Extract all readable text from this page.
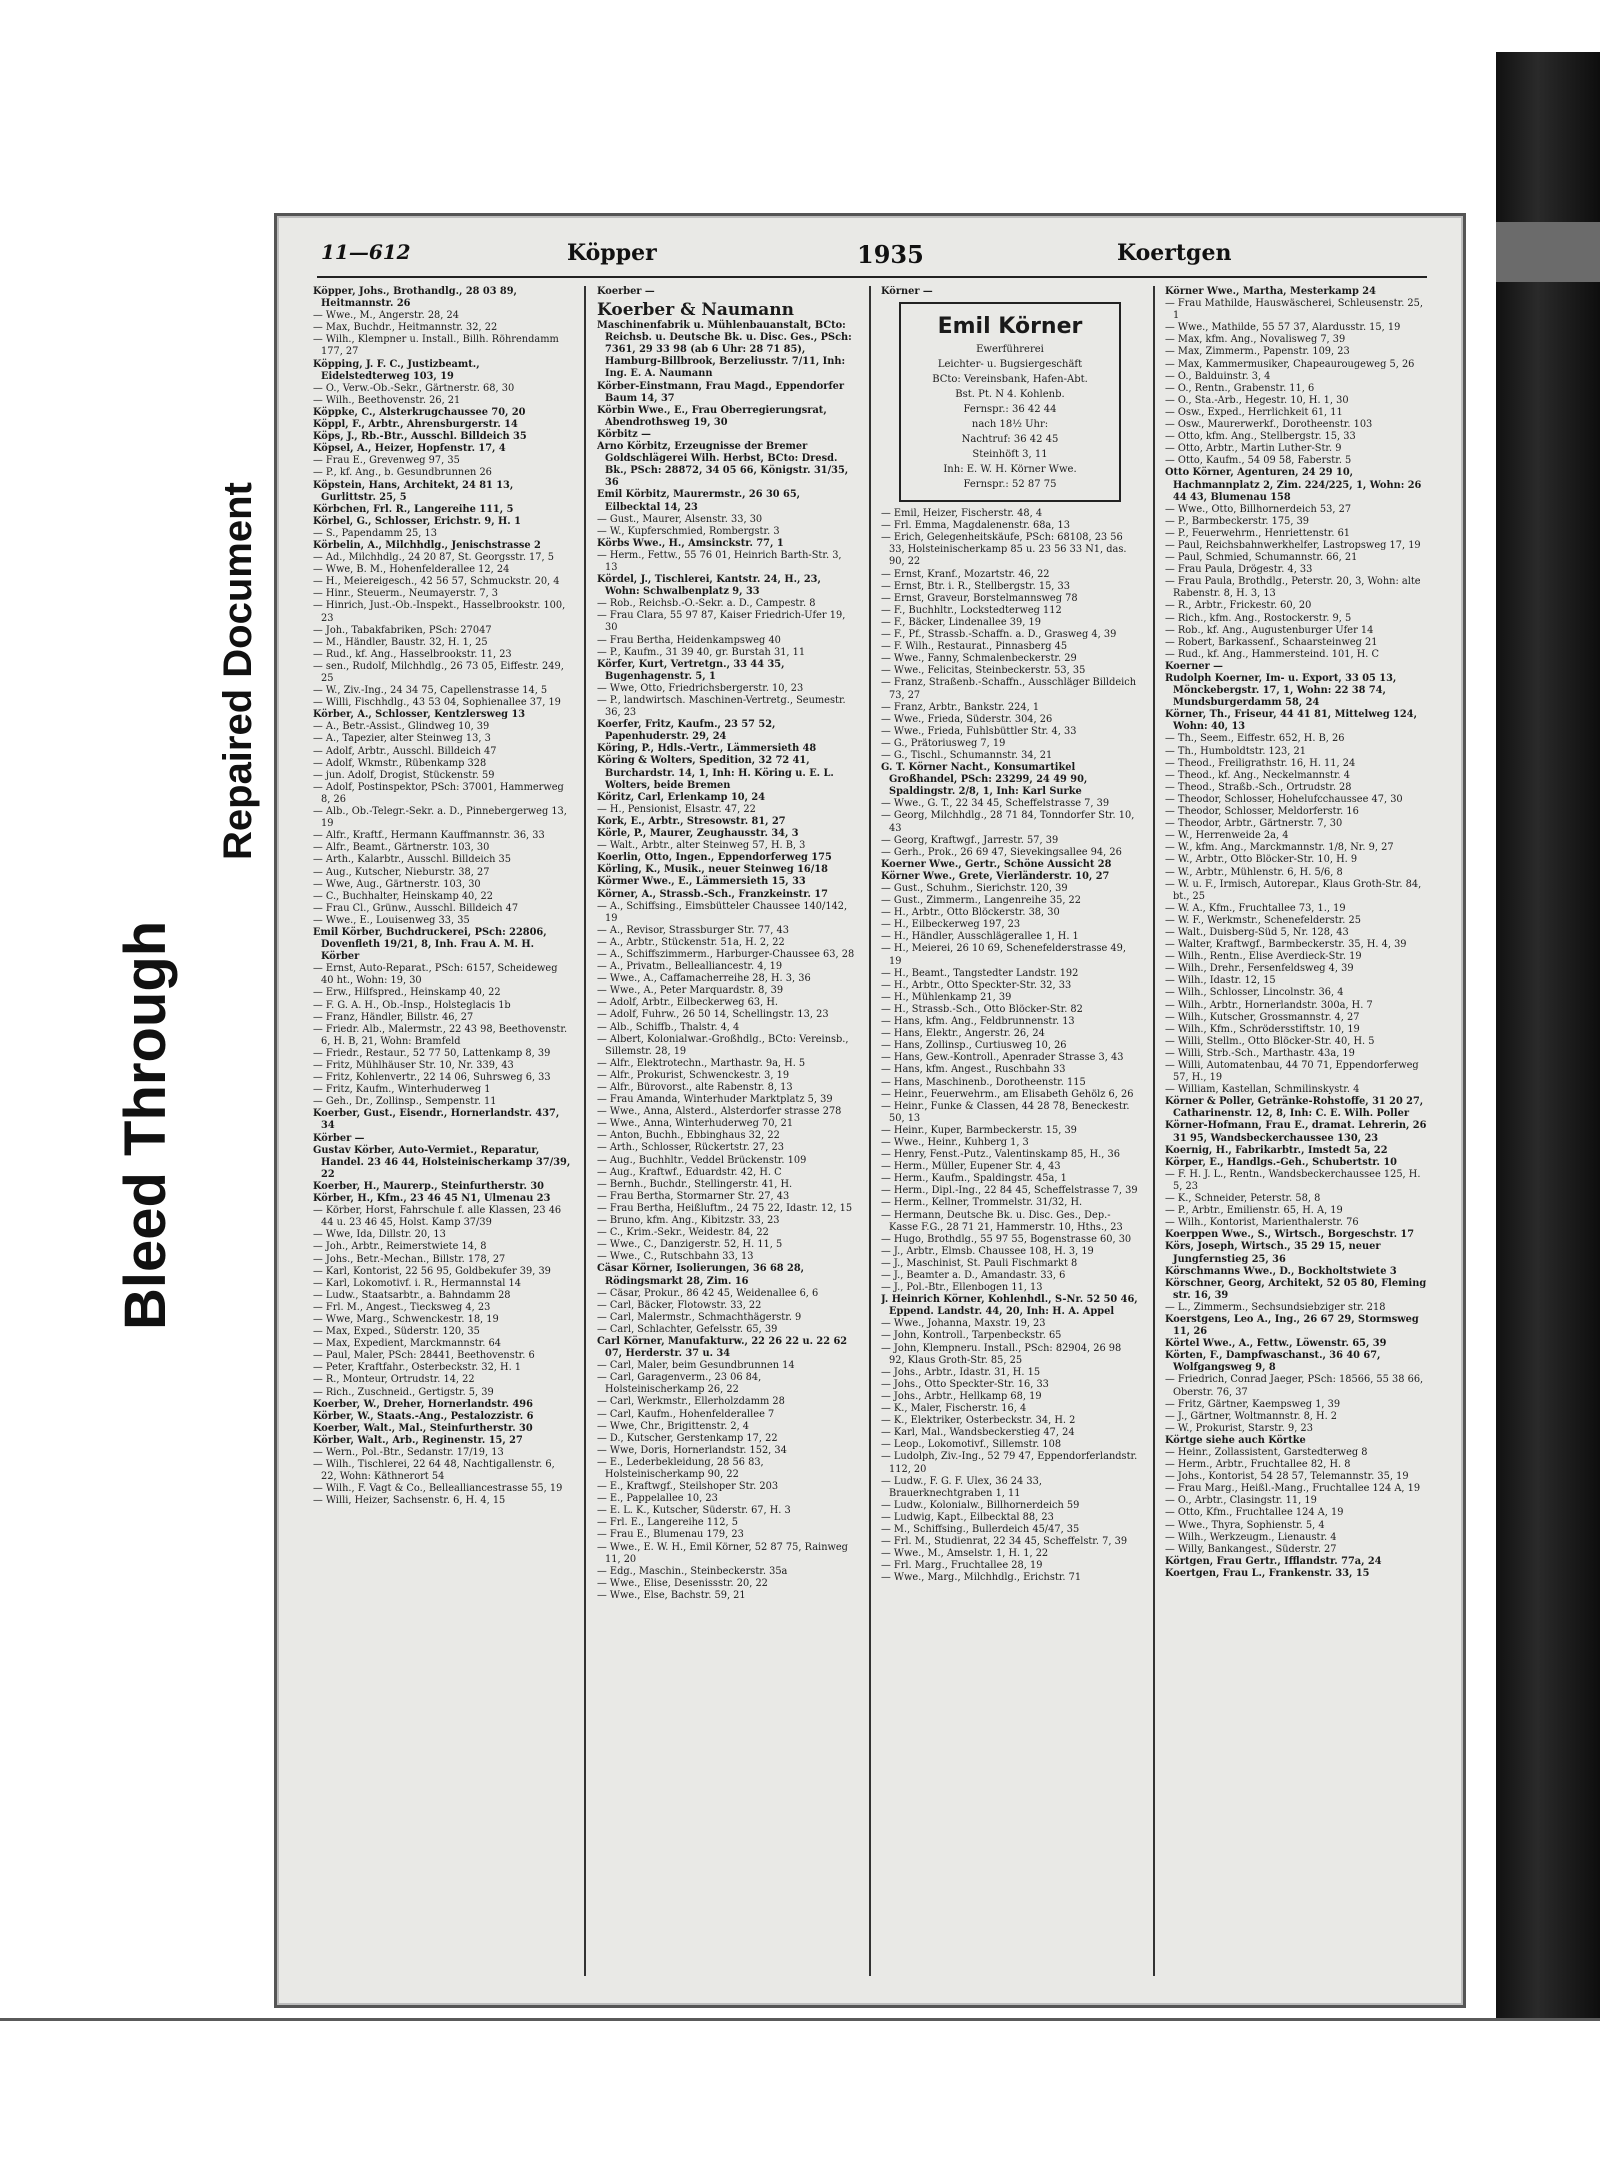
Bleed Through
Repaired Document
11—612	Köpper	1935	Koertgen

Köpper, Johs., Brothandlg., 28 03 89, Heitmannstr. 26

— Wwe., M., Angerstr. 28, 24

— Max, Buchdr., Heitmannstr. 32, 22

— Wilh., Klempner u. Install., Billh. Röhrendamm 177, 27

Köpping, J. F. C., Justizbeamt., Eidelstedterweg 103, 19

— O., Verw.-Ob.-Sekr., Gärtnerstr. 68, 30

— Wilh., Beethovenstr. 26, 21

Köppke, C., Alsterkrugchaussee 70, 20

Köppl, F., Arbtr., Ahrensburgerstr. 14

Köps, J., Rb.-Btr., Ausschl. Billdeich 35

Köpsel, A., Heizer, Hopfenstr. 17, 4

— Frau E., Grevenweg 97, 35

— P., kf. Ang., b. Gesundbrunnen 26

Köpstein, Hans, Architekt, 24 81 13, Gurlittstr. 25, 5

Körbchen, Frl. R., Langereihe 111, 5

Körbel, G., Schlosser, Erichstr. 9, H. 1

— S., Papendamm 25, 13

Körbelin, A., Milchhdlg., Jenischstrasse 2

— Ad., Milchhdlg., 24 20 87, St. Georgsstr. 17, 5

— Wwe, B. M., Hohenfelderallee 12, 24

— H., Meiereigesch., 42 56 57, Schmuckstr. 20, 4

— Hinr., Steuerm., Neumayerstr. 7, 3

— Hinrich, Just.-Ob.-Inspekt., Hasselbrookstr. 100, 23

— Joh., Tabakfabriken, PSch: 27047

— M., Händler, Baustr. 32, H. 1, 25

— Rud., kf. Ang., Hasselbrookstr. 11, 23

— sen., Rudolf, Milchhdlg., 26 73 05, Eiffestr. 249, 25

— W., Ziv.-Ing., 24 34 75, Capellenstrasse 14, 5

— Willi, Fischhdlg., 43 53 04, Sophienallee 37, 19

Körber, A., Schlosser, Kentzlersweg 13

— A., Betr.-Assist., Glindweg 10, 39

— A., Tapezier, alter Steinweg 13, 3

— Adolf, Arbtr., Ausschl. Billdeich 47

— Adolf, Wkmstr., Rübenkamp 328

— jun. Adolf, Drogist, Stückenstr. 59

— Adolf, Postinspektor, PSch: 37001, Hammerweg 8, 26

— Alb., Ob.-Telegr.-Sekr. a. D., Pinnebergerweg 13, 19

— Alfr., Kraftf., Hermann Kauffmannstr. 36, 33

— Alfr., Beamt., Gärtnerstr. 103, 30

— Arth., Kalarbtr., Ausschl. Billdeich 35

— Aug., Kutscher, Nieburstr. 38, 27

— Wwe, Aug., Gärtnerstr. 103, 30

— C., Buchhalter, Heinskamp 40, 22

— Frau Cl., Grünw., Ausschl. Billdeich 47

— Wwe., E., Louisenweg 33, 35

Emil Körber, Buchdruckerei, PSch: 22806, Dovenfleth 19/21, 8, Inh. Frau A. M. H. Körber

— Ernst, Auto-Reparat., PSch: 6157, Scheideweg 40 ht., Wohn: 19, 30

— Erw., Hilfspred., Heinskamp 40, 22

— F. G. A. H., Ob.-Insp., Holsteglacis 1b

— Franz, Händler, Billstr. 46, 27

— Friedr. Alb., Malermstr., 22 43 98, Beethovenstr. 6, H. B, 21, Wohn: Bramfeld

— Friedr., Restaur., 52 77 50, Lattenkamp 8, 39

— Fritz, Mühlhäuser Str. 10, Nr. 339, 43

— Fritz, Kohlenvertr., 22 14 06, Suhrsweg 6, 33

— Fritz, Kaufm., Winterhuderweg 1

— Geh., Dr., Zollinsp., Sempenstr. 11

Koerber, Gust., Eisendr., Hornerlandstr. 437, 34

Körber —

Gustav Körber, Auto-Vermiet., Reparatur, Handel. 23 46 44, Holsteinischerkamp 37/39, 22

Koerber, H., Maurerp., Steinfurtherstr. 30

Körber, H., Kfm., 23 46 45 N1, Ulmenau 23

— Körber, Horst, Fahrschule f. alle Klassen, 23 46 44 u. 23 46 45, Holst. Kamp 37/39

— Wwe, Ida, Dillstr. 20, 13

— Joh., Arbtr., Reimerstwiete 14, 8

— Johs., Betr.-Mechan., Billstr. 178, 27

— Karl, Kontorist, 22 56 95, Goldbekufer 39, 39

— Karl, Lokomotivf. i. R., Hermannstal 14

— Ludw., Staatsarbtr., a. Bahndamm 28

— Frl. M., Angest., Tiecksweg 4, 23

— Wwe, Marg., Schwenckestr. 18, 19

— Max, Exped., Süderstr. 120, 35

— Max, Expedient, Marckmannstr. 64

— Paul, Maler, PSch: 28441, Beethovenstr. 6

— Peter, Kraftfahr., Osterbeckstr. 32, H. 1

— R., Monteur, Ortrudstr. 14, 22

— Rich., Zuschneid., Gertigstr. 5, 39

Koerber, W., Dreher, Hornerlandstr. 496

Körber, W., Staats.-Ang., Pestalozzistr. 6

Koerber, Walt., Mal., Steinfurtherstr. 30

Körber, Walt., Arb., Reginenstr. 15, 27

— Wern., Pol.-Btr., Sedanstr. 17/19, 13

— Wilh., Tischlerei, 22 64 48, Nachtigallenstr. 6, 22, Wohn: Käthnerort 54

— Wilh., F. Vagt & Co., Bellealliancestrasse 55, 19

— Willi, Heizer, Sachsenstr. 6, H. 4, 15

Koerber —

Koerber & Naumann

Maschinenfabrik u. Mühlenbauanstalt, BCto: Reichsb. u. Deutsche Bk. u. Disc. Ges., PSch: 7361, 29 33 98 (ab 6 Uhr: 28 71 85), Hamburg-Billbrook, Berzeliusstr. 7/11, Inh: Ing. E. A. Naumann

Körber-Einstmann, Frau Magd., Eppendorfer Baum 14, 37

Körbin Wwe., E., Frau Oberregierungsrat, Abendrothsweg 19, 30

Körbitz —

Arno Körbitz, Erzeugnisse der Bremer Goldschlägerei Wilh. Herbst, BCto: Dresd. Bk., PSch: 28872, 34 05 66, Königstr. 31/35, 36

Emil Körbitz, Maurermstr., 26 30 65, Eilbecktal 14, 23

— Gust., Maurer, Alsenstr. 33, 30

— W., Kupferschmied, Rombergstr. 3

Körbs Wwe., H., Amsinckstr. 77, 1

— Herm., Fettw., 55 76 01, Heinrich Barth-Str. 3, 13

Kördel, J., Tischlerei, Kantstr. 24, H., 23, Wohn: Schwalbenplatz 9, 33

— Rob., Reichsb.-O.-Sekr. a. D., Campestr. 8

— Frau Clara, 55 97 87, Kaiser Friedrich-Ufer 19, 30

— Frau Bertha, Heidenkampsweg 40

— P., Kaufm., 31 39 40, gr. Burstah 31, 11

Körfer, Kurt, Vertretgn., 33 44 35, Bugenhagenstr. 5, 1

— Wwe, Otto, Friedrichsbergerstr. 10, 23

— P., landwirtsch. Maschinen-Vertretg., Seumestr. 36, 23

Koerfer, Fritz, Kaufm., 23 57 52, Papenhuderstr. 29, 24

Köring, P., Hdls.-Vertr., Lämmersieth 48

Köring & Wolters, Spedition, 32 72 41, Burchardstr. 14, 1, Inh: H. Köring u. E. L. Wolters, beide Bremen

Köritz, Carl, Erlenkamp 10, 24

— H., Pensionist, Elsastr. 47, 22

Kork, E., Arbtr., Stresowstr. 81, 27

Körle, P., Maurer, Zeughausstr. 34, 3

— Walt., Arbtr., alter Steinweg 57, H. B, 3

Koerlin, Otto, Ingen., Eppendorferweg 175

Körling, K., Musik., neuer Steinweg 16/18

Körmer Wwe., E., Lämmersieth 15, 33

Körner, A., Strassb.-Sch., Franzkeinstr. 17

— A., Schiffsing., Eimsbütteler Chaussee 140/142, 19

— A., Revisor, Strassburger Str. 77, 43

— A., Arbtr., Stückenstr. 51a, H. 2, 22

— A., Schiffszimmerm., Harburger-Chaussee 63, 28

— A., Privatm., Bellealliancestr. 4, 19

— Wwe., A., Caffamacherreihe 28, H. 3, 36

— Wwe., A., Peter Marquardstr. 8, 39

— Adolf, Arbtr., Eilbeckerweg 63, H.

— Adolf, Fuhrw., 26 50 14, Schellingstr. 13, 23

— Alb., Schiffb., Thalstr. 4, 4

— Albert, Kolonialwar.-Großhdlg., BCto: Vereinsb., Sillemstr. 28, 19

— Alfr., Elektrotechn., Marthastr. 9a, H. 5

— Alfr., Prokurist, Schwenckestr. 3, 19

— Alfr., Bürovorst., alte Rabenstr. 8, 13

— Frau Amanda, Winterhuder Marktplatz 5, 39

— Wwe., Anna, Alsterd., Alsterdorfer strasse 278

— Wwe., Anna, Winterhuderweg 70, 21

— Anton, Buchh., Ebbinghaus 32, 22

— Arth., Schlosser, Rückertstr. 27, 23

— Aug., Buchhltr., Veddel Brückenstr. 109

— Aug., Kraftwf., Eduardstr. 42, H. C

— Bernh., Buchdr., Stellingerstr. 41, H.

— Frau Bertha, Stormarner Str. 27, 43

— Frau Bertha, Heißluftm., 24 75 22, Idastr. 12, 15

— Bruno, kfm. Ang., Kibitzstr. 33, 23

— C., Krim.-Sekr., Weidestr. 84, 22

— Wwe., C., Danzigerstr. 52, H. 11, 5

— Wwe., C., Rutschbahn 33, 13

Cäsar Körner, Isolierungen, 36 68 28, Rödingsmarkt 28, Zim. 16

— Cäsar, Prokur., 86 42 45, Weidenallee 6, 6

— Carl, Bäcker, Flotowstr. 33, 22

— Carl, Malermstr., Schmachthägerstr. 9

— Carl, Schlachter, Gefelsstr. 65, 39

Carl Körner, Manufakturw., 22 26 22 u. 22 62 07, Herderstr. 37 u. 34

— Carl, Maler, beim Gesundbrunnen 14

— Carl, Garagenverm., 23 06 84, Holsteinischerkamp 26, 22

— Carl, Werkmstr., Ellerholzdamm 28

— Carl, Kaufm., Hohenfelderallee 7

— Wwe, Chr., Brigittenstr. 2, 4

— D., Kutscher, Gerstenkamp 17, 22

— Wwe, Doris, Hornerlandstr. 152, 34

— E., Lederbekleidung, 28 56 83, Holsteinischerkamp 90, 22

— E., Kraftwgf., Steilshoper Str. 203

— E., Pappelallee 10, 23

— E. L. K., Kutscher, Süderstr. 67, H. 3

— Frl. E., Langereihe 112, 5

— Frau E., Blumenau 179, 23

— Wwe., E. W. H., Emil Körner, 52 87 75, Rainweg 11, 20

— Edg., Maschin., Steinbeckerstr. 35a

— Wwe., Elise, Desenissstr. 20, 22

— Wwe., Else, Bachstr. 59, 21

Körner —

Emil Körner
Ewerführerei
Leichter- u. Bugsiergeschäft
BCto: Vereinsbank, Hafen-Abt.
Bst. Pt. N 4. Kohlenb.
Fernspr.: 36 42 44
nach 18½ Uhr:
Nachtruf: 36 42 45
Steinhöft 3, 11
Inh: E. W. H. Körner Wwe.
Fernspr.: 52 87 75

— Emil, Heizer, Fischerstr. 48, 4

— Frl. Emma, Magdalenenstr. 68a, 13

— Erich, Gelegenheitskäufe, PSch: 68108, 23 56 33, Holsteinischerkamp 85 u. 23 56 33 N1, das. 90, 22

— Ernst, Kranf., Mozartstr. 46, 22

— Ernst, Btr. i. R., Stellbergstr. 15, 33

— Ernst, Graveur, Borstelmannsweg 78

— F., Buchhltr., Lockstedterweg 112

— F., Bäcker, Lindenallee 39, 19

— F., Pf., Strassb.-Schaffn. a. D., Grasweg 4, 39

— F. Wilh., Restaurat., Pinnasberg 45

— Wwe., Fanny, Schmalenbeckerstr. 29

— Wwe., Felicitas, Steinbeckerstr. 53, 35

— Franz, Straßenb.-Schaffn., Ausschläger Billdeich 73, 27

— Franz, Arbtr., Bankstr. 224, 1

— Wwe., Frieda, Süderstr. 304, 26

— Wwe., Frieda, Fuhlsbüttler Str. 4, 33

— G., Prätoriusweg 7, 19

— G., Tischl., Schumannstr. 34, 21

G. T. Körner Nacht., Konsumartikel Großhandel, PSch: 23299, 24 49 90, Spaldingstr. 2/8, 1, Inh: Karl Surke

— Wwe., G. T., 22 34 45, Scheffelstrasse 7, 39

— Georg, Milchhdlg., 28 71 84, Tonndorfer Str. 10, 43

— Georg, Kraftwgf., Jarrestr. 57, 39

— Gerh., Prok., 26 69 47, Sievekingsallee 94, 26

Koerner Wwe., Gertr., Schöne Aussicht 28

Körner Wwe., Grete, Vierländerstr. 10, 27

— Gust., Schuhm., Sierichstr. 120, 39

— Gust., Zimmerm., Langenreihe 35, 22

— H., Arbtr., Otto Blöckerstr. 38, 30

— H., Eilbeckerweg 197, 23

— H., Händler, Ausschlägerallee 1, H. 1

— H., Meierei, 26 10 69, Schenefelderstrasse 49, 19

— H., Beamt., Tangstedter Landstr. 192

— H., Arbtr., Otto Speckter-Str. 32, 33

— H., Mühlenkamp 21, 39

— H., Strassb.-Sch., Otto Blöcker-Str. 82

— Hans, kfm. Ang., Feldbrunnenstr. 13

— Hans, Elektr., Angerstr. 26, 24

— Hans, Zollinsp., Curtiusweg 10, 26

— Hans, Gew.-Kontroll., Apenrader Strasse 3, 43

— Hans, kfm. Angest., Ruschbahn 33

— Hans, Maschinenb., Dorotheenstr. 115

— Heinr., Feuerwehrm., am Elisabeth Gehölz 6, 26

— Heinr., Funke & Classen, 44 28 78, Beneckestr. 50, 13

— Heinr., Kuper, Barmbeckerstr. 15, 39

— Wwe., Heinr., Kuhberg 1, 3

— Henry, Fenst.-Putz., Valentinskamp 85, H., 36

— Herm., Müller, Eupener Str. 4, 43

— Herm., Kaufm., Spaldingstr. 45a, 1

— Herm., Dipl.-Ing., 22 84 45, Scheffelstrasse 7, 39

— Herm., Kellner, Trommelstr. 31/32, H.

— Hermann, Deutsche Bk. u. Disc. Ges., Dep.-Kasse F.G., 28 71 21, Hammerstr. 10, Hths., 23

— Hugo, Brothdlg., 55 97 55, Bogenstrasse 60, 30

— J., Arbtr., Elmsb. Chaussee 108, H. 3, 19

— J., Maschinist, St. Pauli Fischmarkt 8

— J., Beamter a. D., Amandastr. 33, 6

— J., Pol.-Btr., Ellenbogen 11, 13

J. Heinrich Körner, Kohlenhdl., S-Nr. 52 50 46, Eppend. Landstr. 44, 20, Inh: H. A. Appel

— Wwe., Johanna, Maxstr. 19, 23

— John, Kontroll., Tarpenbeckstr. 65

— John, Klempneru. Install., PSch: 82904, 26 98 92, Klaus Groth-Str. 85, 25

— Johs., Arbtr., Idastr. 31, H. 15

— Johs., Otto Speckter-Str. 16, 33

— Johs., Arbtr., Hellkamp 68, 19

— K., Maler, Fischerstr. 16, 4

— K., Elektriker, Osterbeckstr. 34, H. 2

— Karl, Mal., Wandsbeckerstieg 47, 24

— Leop., Lokomotivf., Sillemstr. 108

— Ludolph, Ziv.-Ing., 52 79 47, Eppendorferlandstr. 112, 20

— Ludw., F. G. F. Ulex, 36 24 33, Brauerknechtgraben 1, 11

— Ludw., Kolonialw., Billhornerdeich 59

— Ludwig, Kapt., Eilbecktal 88, 23

— M., Schiffsing., Bullerdeich 45/47, 35

— Frl. M., Studienrat, 22 34 45, Scheffelstr. 7, 39

— Wwe., M., Amselstr. 1, H. 1, 22

— Frl. Marg., Fruchtallee 28, 19

— Wwe., Marg., Milchhdlg., Erichstr. 71

Körner Wwe., Martha, Mesterkamp 24

— Frau Mathilde, Hauswäscherei, Schleusenstr. 25, 1

— Wwe., Mathilde, 55 57 37, Alardusstr. 15, 19

— Max, kfm. Ang., Novalisweg 7, 39

— Max, Zimmerm., Papenstr. 109, 23

— Max, Kammermusiker, Chapeaurougeweg 5, 26

— O., Balduinstr. 3, 4

— O., Rentn., Grabenstr. 11, 6

— O., Sta.-Arb., Hegestr. 10, H. 1, 30

— Osw., Exped., Herrlichkeit 61, 11

— Osw., Maurerwerkf., Dorotheenstr. 103

— Otto, kfm. Ang., Stellbergstr. 15, 33

— Otto, Arbtr., Martin Luther-Str. 9

— Otto, Kaufm., 54 09 58, Faberstr. 5

Otto Körner, Agenturen, 24 29 10, Hachmannplatz 2, Zim. 224/225, 1, Wohn: 26 44 43, Blumenau 158

— Wwe., Otto, Billhornerdeich 53, 27

— P., Barmbeckerstr. 175, 39

— P., Feuerwehrm., Henriettenstr. 61

— Paul, Reichsbahnwerkhelfer, Lastropsweg 17, 19

— Paul, Schmied, Schumannstr. 66, 21

— Frau Paula, Drögestr. 4, 33

— Frau Paula, Brothdlg., Peterstr. 20, 3, Wohn: alte Rabenstr. 8, H. 3, 13

— R., Arbtr., Frickestr. 60, 20

— Rich., kfm. Ang., Rostockerstr. 9, 5

— Rob., kf. Ang., Augustenburger Ufer 14

— Robert, Barkassenf., Schaarsteinweg 21

— Rud., kf. Ang., Hammersteind. 101, H. C

Koerner —

Rudolph Koerner, Im- u. Export, 33 05 13, Mönckebergstr. 17, 1, Wohn: 22 38 74, Mundsburgerdamm 58, 24

Körner, Th., Friseur, 44 41 81, Mittelweg 124, Wohn: 40, 13

— Th., Seem., Eiffestr. 652, H. B, 26

— Th., Humboldtstr. 123, 21

— Theod., Freiligrathstr. 16, H. 11, 24

— Theod., kf. Ang., Neckelmannstr. 4

— Theod., Straßb.-Sch., Ortrudstr. 28

— Theodor, Schlosser, Hohelufcchaussee 47, 30

— Theodor, Schlosser, Meldorferstr. 16

— Theodor, Arbtr., Gärtnerstr. 7, 30

— W., Herrenweide 2a, 4

— W., kfm. Ang., Marckmannstr. 1/8, Nr. 9, 27

— W., Arbtr., Otto Blöcker-Str. 10, H. 9

— W., Arbtr., Mühlenstr. 6, H. 5/6, 8

— W. u. F., Irmisch, Autorepar., Klaus Groth-Str. 84, bt., 25

— W. A., Kfm., Fruchtallee 73, 1., 19

— W. F., Werkmstr., Schenefelderstr. 25

— Walt., Duisberg-Süd 5, Nr. 128, 43

— Walter, Kraftwgf., Barmbeckerstr. 35, H. 4, 39

— Wilh., Rentn., Elise Averdieck-Str. 19

— Wilh., Drehr., Fersenfeldsweg 4, 39

— Wilh., Idastr. 12, 15

— Wilh., Schlosser, Lincolnstr. 36, 4

— Wilh., Arbtr., Hornerlandstr. 300a, H. 7

— Wilh., Kutscher, Grossmannstr. 4, 27

— Wilh., Kfm., Schrödersstiftstr. 10, 19

— Willi, Stellm., Otto Blöcker-Str. 40, H. 5

— Willi, Strb.-Sch., Marthastr. 43a, 19

— Willi, Automatenbau, 44 70 71, Eppendorferweg 57, H., 19

— William, Kastellan, Schmilinskystr. 4

Körner & Poller, Getränke-Rohstoffe, 31 20 27, Catharinenstr. 12, 8, Inh: C. E. Wilh. Poller

Körner-Hofmann, Frau E., dramat. Lehrerin, 26 31 95, Wandsbeckerchaussee 130, 23

Koernig, H., Fabrikarbtr., Imstedt 5a, 22

Körper, E., Handlgs.-Geh., Schubertstr. 10

— F. H. J. L., Rentn., Wandsbeckerchaussee 125, H. 5, 23

— K., Schneider, Peterstr. 58, 8

— P., Arbtr., Emilienstr. 65, H. A, 19

— Wilh., Kontorist, Marienthalerstr. 76

Koerppen Wwe., S., Wirtsch., Borgeschstr. 17

Körs, Joseph, Wirtsch., 35 29 15, neuer Jungfernstieg 25, 36

Körschmanns Wwe., D., Bockholtstwiete 3

Körschner, Georg, Architekt, 52 05 80, Fleming str. 16, 39

— L., Zimmerm., Sechsundsiebziger str. 218

Koerstgens, Leo A., Ing., 26 67 29, Stormsweg 11, 26

Körtel Wwe., A., Fettw., Löwenstr. 65, 39

Körten, F., Dampfwaschanst., 36 40 67, Wolfgangsweg 9, 8

— Friedrich, Conrad Jaeger, PSch: 18566, 55 38 66, Oberstr. 76, 37

— Fritz, Gärtner, Kaempsweg 1, 39

— J., Gärtner, Woltmannstr. 8, H. 2

— W., Prokurist, Starstr. 9, 23

Körtge siehe auch Körtke

— Heinr., Zollassistent, Garstedterweg 8

— Herm., Arbtr., Fruchtallee 82, H. 8

— Johs., Kontorist, 54 28 57, Telemannstr. 35, 19

— Frau Marg., Heißl.-Mang., Fruchtallee 124 A, 19

— O., Arbtr., Clasingstr. 11, 19

— Otto, Kfm., Fruchtallee 124 A, 19

— Wwe., Thyra, Sophienstr. 5, 4

— Wilh., Werkzeugm., Lienaustr. 4

— Willy, Bankangest., Süderstr. 27

Körtgen, Frau Gertr., Ifflandstr. 77a, 24

Koertgen, Frau L., Frankenstr. 33, 15
